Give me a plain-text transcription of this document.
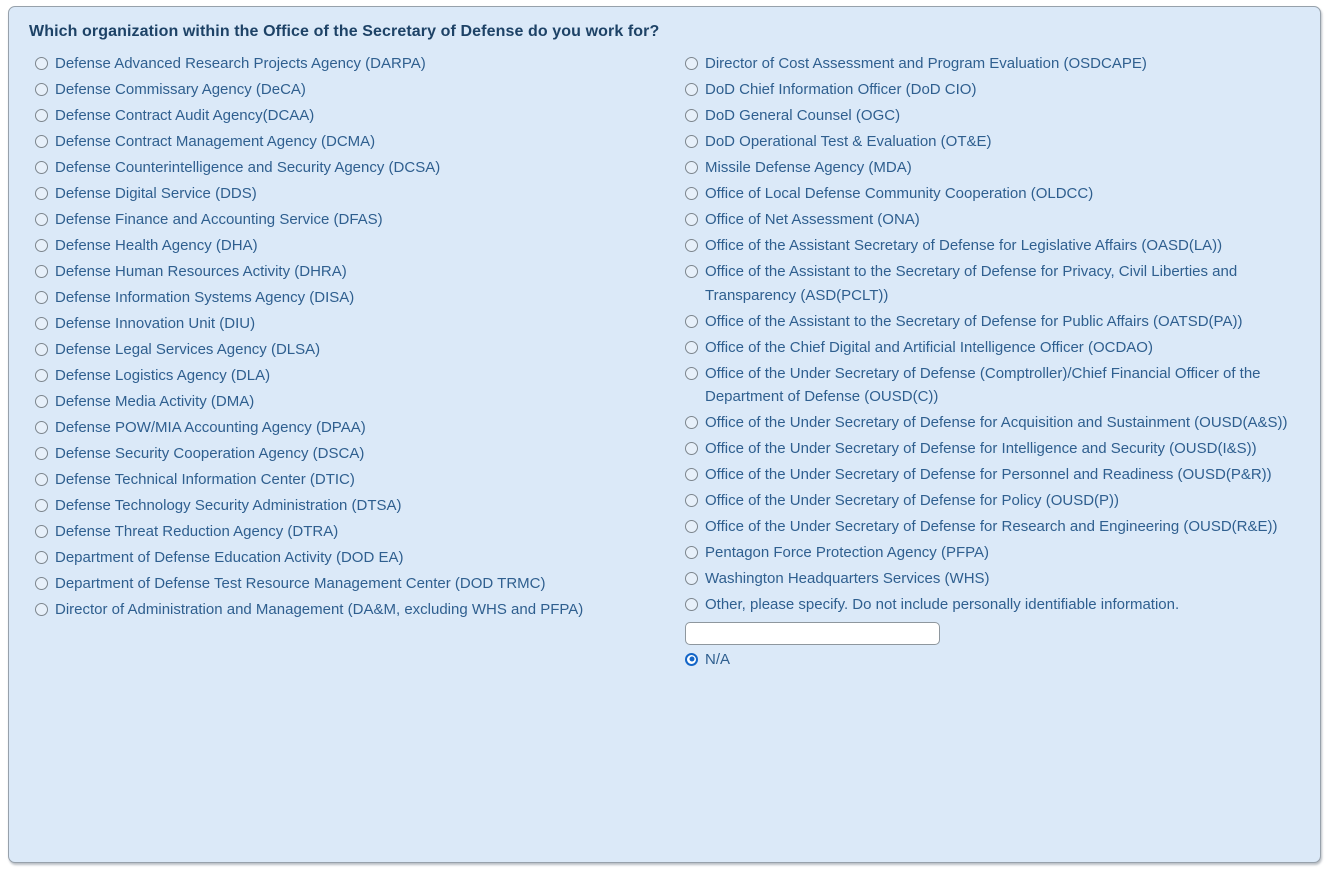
Which organization within the Office of the Secretary of Defense do you work for?
Defense Advanced Research Projects Agency (DARPA)
Defense Commissary Agency (DeCA)
Defense Contract Audit Agency(DCAA)
Defense Contract Management Agency (DCMA)
Defense Counterintelligence and Security Agency (DCSA)
Defense Digital Service (DDS)
Defense Finance and Accounting Service (DFAS)
Defense Health Agency (DHA)
Defense Human Resources Activity (DHRA)
Defense Information Systems Agency (DISA)
Defense Innovation Unit (DIU)
Defense Legal Services Agency (DLSA)
Defense Logistics Agency (DLA)
Defense Media Activity (DMA)
Defense POW/MIA Accounting Agency (DPAA)
Defense Security Cooperation Agency (DSCA)
Defense Technical Information Center (DTIC)
Defense Technology Security Administration (DTSA)
Defense Threat Reduction Agency (DTRA)
Department of Defense Education Activity (DOD EA)
Department of Defense Test Resource Management Center (DOD TRMC)
Director of Administration and Management (DA&M, excluding WHS and PFPA)
Director of Cost Assessment and Program Evaluation (OSDCAPE)
DoD Chief Information Officer (DoD CIO)
DoD General Counsel (OGC)
DoD Operational Test & Evaluation (OT&E)
Missile Defense Agency (MDA)
Office of Local Defense Community Cooperation (OLDCC)
Office of Net Assessment (ONA)
Office of the Assistant Secretary of Defense for Legislative Affairs (OASD(LA))
Office of the Assistant to the Secretary of Defense for Privacy, Civil Liberties and Transparency (ASD(PCLT))
Office of the Assistant to the Secretary of Defense for Public Affairs (OATSD(PA))
Office of the Chief Digital and Artificial Intelligence Officer (OCDAO)
Office of the Under Secretary of Defense (Comptroller)/Chief Financial Officer of the Department of Defense (OUSD(C))
Office of the Under Secretary of Defense for Acquisition and Sustainment (OUSD(A&S))
Office of the Under Secretary of Defense for Intelligence and Security (OUSD(I&S))
Office of the Under Secretary of Defense for Personnel and Readiness (OUSD(P&R))
Office of the Under Secretary of Defense for Policy (OUSD(P))
Office of the Under Secretary of Defense for Research and Engineering (OUSD(R&E))
Pentagon Force Protection Agency (PFPA)
Washington Headquarters Services (WHS)
Other, please specify. Do not include personally identifiable information.
N/A
